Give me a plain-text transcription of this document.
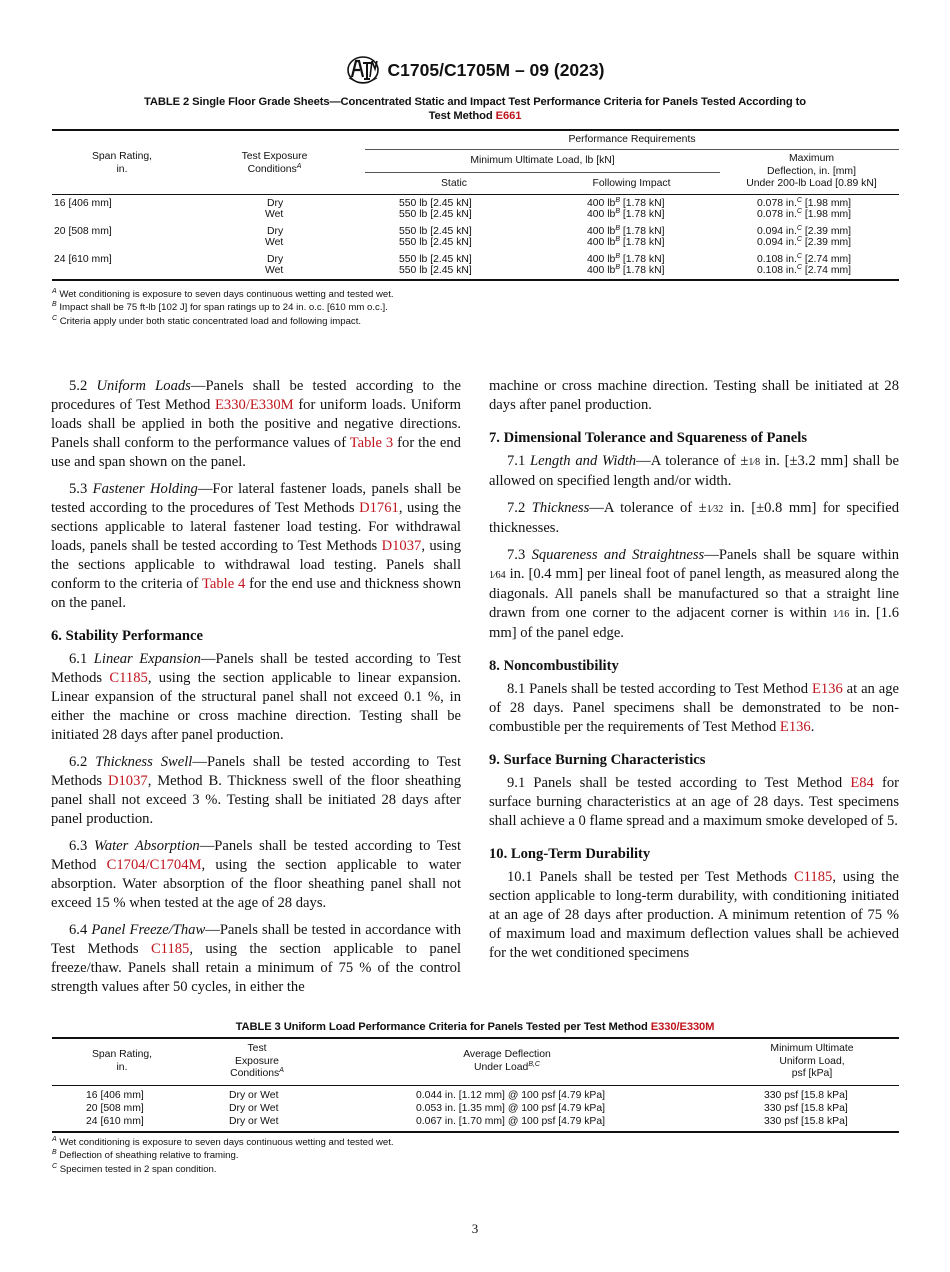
C1705/C1705M – 09 (2023)
TABLE 2 Single Floor Grade Sheets—Concentrated Static and Impact Test Performance Criteria for Panels Tested According to
Test Method E661
Span Rating,
in.
Test Exposure
Conditions$^A$
Performance Requirements
Minimum Ultimate Load, lb [kN]
Static	Following Impact
Maximum
Deflection, in. [mm]
Under 200-lb Load [0.89 kN]
16 [406 mm]	Dry	550 lb [2.45 kN]	400 $lb^B$ [1.78 kN]	0.078 in.$^C$ [1.98 mm]
Wet	550 lb [2.45 kN]	400 $lb^B$ [1.78 kN]	0.078 in.$^C$ [1.98 mm]
20 [508 mm]	Dry	550 lb [2.45 kN]	400 $lb^B$ [1.78 kN]	0.094 in.$^C$ [2.39 mm]
Wet	550 lb [2.45 kN]	400 $lb^B$ [1.78 kN]	0.094 in.$^C$ [2.39 mm]
24 [610 mm]	Dry	550 lb [2.45 kN]	400 $lb^B$ [1.78 kN]	0.108 in.$^C$ [2.74 mm]
Wet	550 lb [2.45 kN]	400 $lb^B$ [1.78 kN]	0.108 in.$^C$ [2.74 mm]
$^A$ Wet conditioning is exposure to seven days continuous wetting and tested wet.
$^B$ Impact shall be 75 ft-lb [102 J] for span ratings up to 24 in. o.c. [610 mm o.c.].
$^C$ Criteria apply under both static concentrated load and following impact.

5.2 Uniform Loads—Panels shall be tested according to the procedures of Test Method E330/E330M for uniform loads. Uniform loads shall be applied in both the positive and negative directions. Panels shall conform to the performance values of Table 3 for the end use and span shown on the panel.

5.3 Fastener Holding—For lateral fastener loads, panels shall be tested according to the procedures of Test Methods D1761, using the sections applicable to lateral fastener load testing. For withdrawal loads, panels shall be tested according to Test Methods D1037, using the sections applicable to withdrawal load testing. Panels shall conform to the criteria of Table 4 for the end use and thickness shown on the panel.

6. Stability Performance

6.1 Linear Expansion—Panels shall be tested according to Test Methods C1185, using the section applicable to linear expansion. Linear expansion of the structural panel shall not exceed 0.1 %, in either the machine or cross machine direction. Testing shall be initiated 28 days after panel production.

6.2 Thickness Swell—Panels shall be tested according to Test Methods D1037, Method B. Thickness swell of the floor sheathing panel shall not exceed 3 %. Testing shall be initiated 28 days after panel production.

6.3 Water Absorption—Panels shall be tested according to Test Method C1704/C1704M, using the section applicable to water absorption. Water absorption of the floor sheathing panel shall not exceed 15 % when tested at the age of 28 days.

6.4 Panel Freeze/Thaw—Panels shall be tested in accordance with Test Methods C1185, using the section applicable to panel freeze/thaw. Panels shall retain a minimum of 75 % of the control strength values after 50 cycles, in either the

machine or cross machine direction. Testing shall be initiated at 28 days after panel production.

7. Dimensional Tolerance and Squareness of Panels

7.1 Length and Width—A tolerance of ±1⁄8 in. [±3.2 mm] shall be allowed on specified length and/or width.

7.2 Thickness—A tolerance of ±1⁄32 in. [±0.8 mm] for specified thicknesses.

7.3 Squareness and Straightness—Panels shall be square within 1⁄64 in. [0.4 mm] per lineal foot of panel length, as measured along the diagonals. All panels shall be manufactured so that a straight line drawn from one corner to the adjacent corner is within 1⁄16 in. [1.6 mm] of the panel edge.

8. Noncombustibility

8.1 Panels shall be tested according to Test Method E136 at an age of 28 days. Panel specimens shall be demonstrated to be non-combustible per the requirements of Test Method E136.

9. Surface Burning Characteristics

9.1 Panels shall be tested according to Test Method E84 for surface burning characteristics at an age of 28 days. Test specimens shall achieve a 0 flame spread and a maximum smoke developed of 5.

10. Long-Term Durability

10.1 Panels shall be tested per Test Methods C1185, using the section applicable to long-term durability, with conditioning initiated at an age of 28 days after production. A minimum retention of 75 % of maximum load and maximum deflection values shall be achieved for the wet conditioned specimens

TABLE 3 Uniform Load Performance Criteria for Panels Tested per Test Method E330/E330M
Span Rating,
in.
Test
Exposure
Conditions$^A$
Average Deflection
Under Load$^{B,C}$
Minimum Ultimate
Uniform Load,
psf [kPa]
16 [406 mm]	Dry or Wet	0.044 in. [1.12 mm] @ 100 psf [4.79 kPa]	330 psf [15.8 kPa]
20 [508 mm]	Dry or Wet	0.053 in. [1.35 mm] @ 100 psf [4.79 kPa]	330 psf [15.8 kPa]
24 [610 mm]	Dry or Wet	0.067 in. [1.70 mm] @ 100 psf [4.79 kPa]	330 psf [15.8 kPa]
$^A$ Wet conditioning is exposure to seven days continuous wetting and tested wet.
$^B$ Deflection of sheathing relative to framing.
$^C$ Specimen tested in 2 span condition.
3
